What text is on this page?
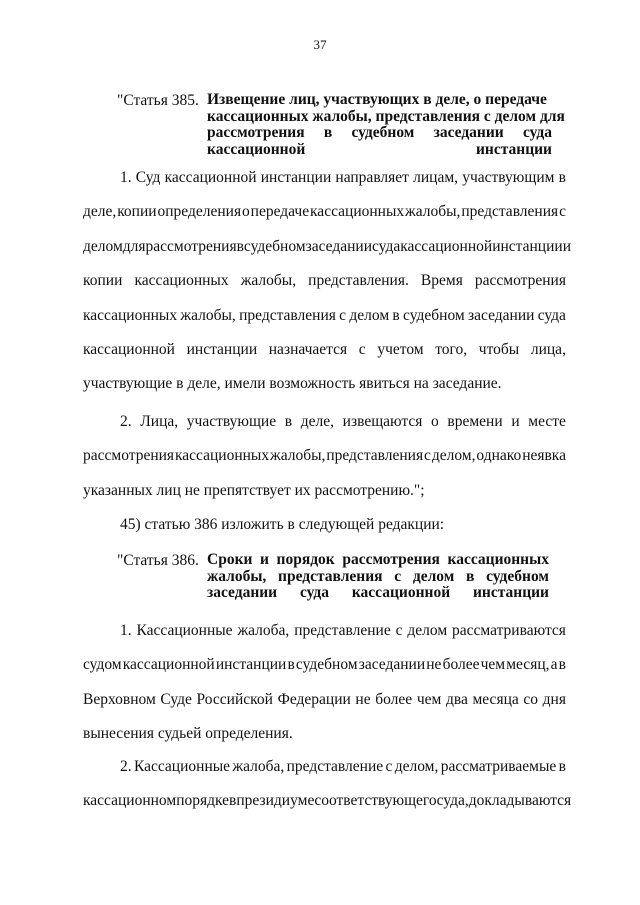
37
"Статья 385. Извещение лиц, участвующих в деле, о передаче
кассационных жалобы, представления с делом для
рассмотрения в судебном заседании суда
кассационной инстанции
1. Суд кассационной инстанции направляет лицам, участвующим в
деле, копии определения о передаче кассационных жалобы, представления с
делом для рассмотрения в судебном заседании суда кассационной инстанции и
копии кассационных жалобы, представления. Время рассмотрения
кассационных жалобы, представления с делом в судебном заседании суда
кассационной инстанции назначается с учетом того, чтобы лица,
участвующие в деле, имели возможность явиться на заседание.
2. Лица, участвующие в деле, извещаются о времени и месте
рассмотрения кассационных жалобы, представления с делом, однако неявка
указанных лиц не препятствует их рассмотрению.";
45) статью 386 изложить в следующей редакции:
"Статья 386. Сроки и порядок рассмотрения кассационных
жалобы, представления с делом в судебном
заседании суда кассационной инстанции
1. Кассационные жалоба, представление с делом рассматриваются
судом кассационной инстанции в судебном заседании не более чем месяц, а в
Верховном Суде Российской Федерации не более чем два месяца со дня
вынесения судьей определения.
2. Кассационные жалоба, представление с делом, рассматриваемые в
кассационном порядке в президиуме соответствующего суда, докладываются
